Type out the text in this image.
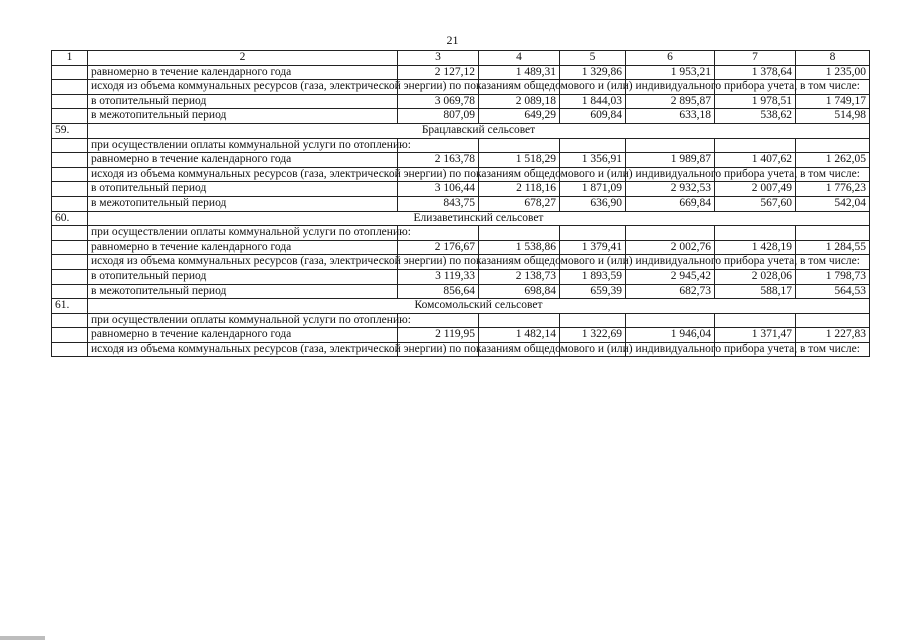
21
1	2	3	4	5	6	7	8
	равномерно в течение календарного года	2 127,12	1 489,31	1 329,86	1 953,21	1 378,64	1 235,00
	исходя из объема коммунальных ресурсов (газа, электрической энергии) по показаниям общедомового и (или) индивидуального прибора учета, в том числе:						
	в отопительный период	3 069,78	2 089,18	1 844,03	2 895,87	1 978,51	1 749,17
	в межотопительный период	807,09	649,29	609,84	633,18	538,62	514,98
59.	Брацлавский сельсовет						
	при осуществлении оплаты коммунальной услуги по отоплению:						
	равномерно в течение календарного года	2 163,78	1 518,29	1 356,91	1 989,87	1 407,62	1 262,05
	исходя из объема коммунальных ресурсов (газа, электрической энергии) по показаниям общедомового и (или) индивидуального прибора учета, в том числе:						
	в отопительный период	3 106,44	2 118,16	1 871,09	2 932,53	2 007,49	1 776,23
	в межотопительный период	843,75	678,27	636,90	669,84	567,60	542,04
60.	Елизаветинский сельсовет						
	при осуществлении оплаты коммунальной услуги по отоплению:						
	равномерно в течение календарного года	2 176,67	1 538,86	1 379,41	2 002,76	1 428,19	1 284,55
	исходя из объема коммунальных ресурсов (газа, электрической энергии) по показаниям общедомового и (или) индивидуального прибора учета, в том числе:						
	в отопительный период	3 119,33	2 138,73	1 893,59	2 945,42	2 028,06	1 798,73
	в межотопительный период	856,64	698,84	659,39	682,73	588,17	564,53
61.	Комсомольский сельсовет						
	при осуществлении оплаты коммунальной услуги по отоплению:						
	равномерно в течение календарного года	2 119,95	1 482,14	1 322,69	1 946,04	1 371,47	1 227,83
	исходя из объема коммунальных ресурсов (газа, электрической энергии) по показаниям общедомового и (или) индивидуального прибора учета, в том числе:						
